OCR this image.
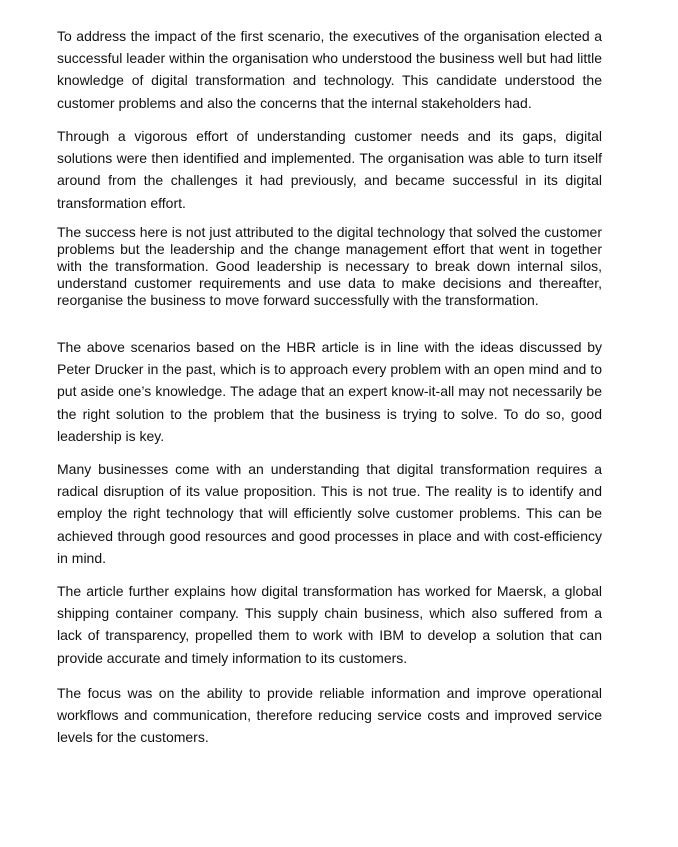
To address the impact of the first scenario, the executives of the organisation elected a successful leader within the organisation who understood the business well but had little knowledge of digital transformation and technology. This candidate understood the customer problems and also the concerns that the internal stakeholders had.

Through a vigorous effort of understanding customer needs and its gaps, digital solutions were then identified and implemented. The organisation was able to turn itself around from the challenges it had previously, and became successful in its digital transformation effort.

The success here is not just attributed to the digital technology that solved the customer problems but the leadership and the change management effort that went in together with the transformation. Good leadership is necessary to break down internal silos, understand customer requirements and use data to make decisions and thereafter, reorganise the business to move forward successfully with the transformation.

The above scenarios based on the HBR article is in line with the ideas discussed by Peter Drucker in the past, which is to approach every problem with an open mind and to put aside one’s knowledge. The adage that an expert know-it-all may not necessarily be the right solution to the problem that the business is trying to solve. To do so, good leadership is key.

Many businesses come with an understanding that digital transformation requires a radical disruption of its value proposition. This is not true. The reality is to identify and employ the right technology that will efficiently solve customer problems. This can be achieved through good resources and good processes in place and with cost-efficiency in mind.

The article further explains how digital transformation has worked for Maersk, a global shipping container company. This supply chain business, which also suffered from a lack of transparency, propelled them to work with IBM to develop a solution that can provide accurate and timely information to its customers.

The focus was on the ability to provide reliable information and improve operational workflows and communication, therefore reducing service costs and improved service levels for the customers.
